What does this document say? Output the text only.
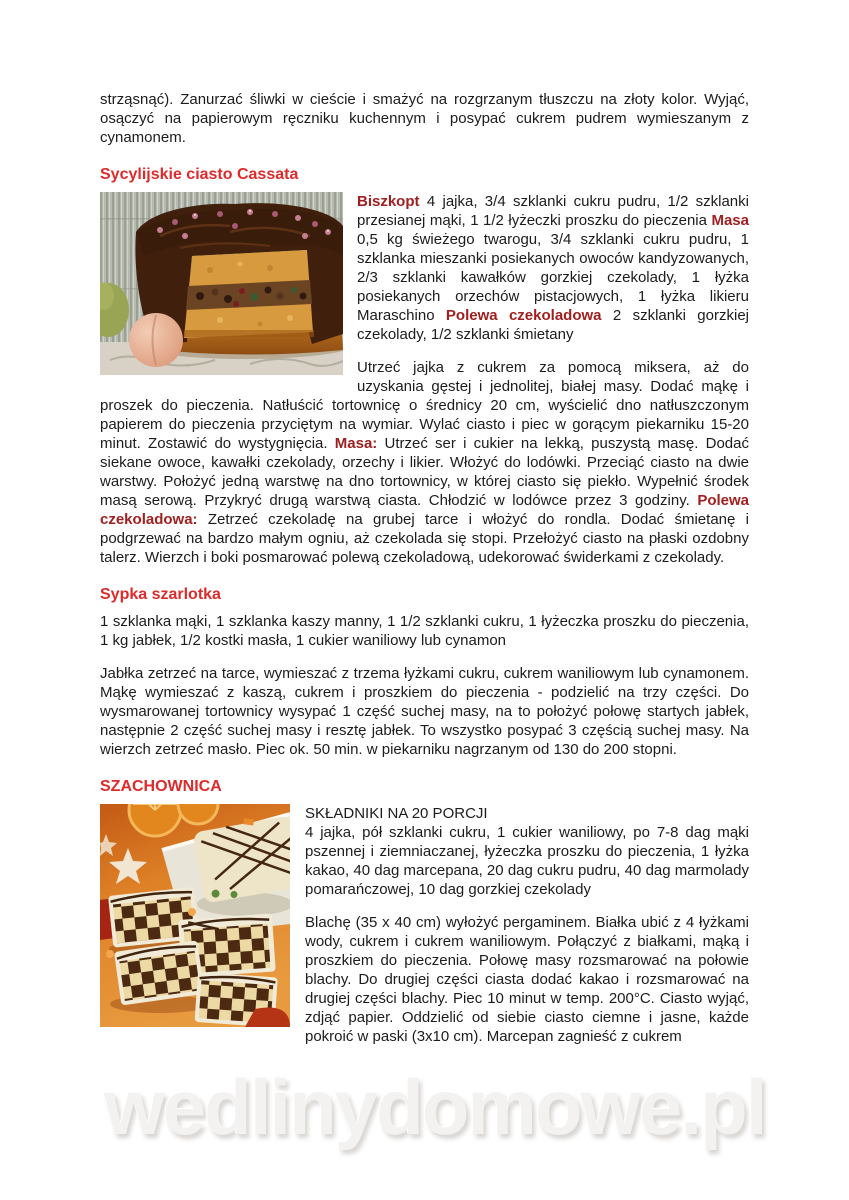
strząsnąć). Zanurzać śliwki w cieście i smażyć na rozgrzanym tłuszczu na złoty kolor. Wyjąć, osączyć na papierowym ręczniku kuchennym i posypać cukrem pudrem wymieszanym z cynamonem.

Sycylijskie ciasto Cassata

Biszkopt 4 jajka, 3/4 szklanki cukru pudru, 1/2 szklanki przesianej mąki, 1 1/2 łyżeczki proszku do pieczenia Masa 0,5 kg świeżego twarogu, 3/4 szklanki cukru pudru, 1 szklanka mieszanki posiekanych owoców kandyzowanych, 2/3 szklanki kawałków gorzkiej czekolady, 1 łyżka posiekanych orzechów pistacjowych, 1 łyżka likieru Maraschino Polewa czekoladowa 2 szklanki gorzkiej czekolady, 1/2 szklanki śmietany

Utrzeć jajka z cukrem za pomocą miksera, aż do uzyskania gęstej i jednolitej, białej masy. Dodać mąkę i proszek do pieczenia. Natłuścić tortownicę o średnicy 20 cm, wyścielić dno natłuszczonym papierem do pieczenia przyciętym na wymiar. Wylać ciasto i piec w gorącym piekarniku 15-20 minut. Zostawić do wystygnięcia. Masa: Utrzeć ser i cukier na lekką, puszystą masę. Dodać siekane owoce, kawałki czekolady, orzechy i likier. Włożyć do lodówki. Przeciąć ciasto na dwie warstwy. Położyć jedną warstwę na dno tortownicy, w której ciasto się piekło. Wypełnić środek masą serową. Przykryć drugą warstwą ciasta. Chłodzić w lodówce przez 3 godziny. Polewa czekoladowa: Zetrzeć czekoladę na grubej tarce i włożyć do rondla. Dodać śmietanę i podgrzewać na bardzo małym ogniu, aż czekolada się stopi. Przełożyć ciasto na płaski ozdobny talerz. Wierzch i boki posmarować polewą czekoladową, udekorować świderkami z czekolady.

Sypka szarlotka

1 szklanka mąki, 1 szklanka kaszy manny, 1 1/2 szklanki cukru, 1 łyżeczka proszku do pieczenia, 1 kg jabłek, 1/2 kostki masła, 1 cukier waniliowy lub cynamon

Jabłka zetrzeć na tarce, wymieszać z trzema łyżkami cukru, cukrem waniliowym lub cynamonem. Mąkę wymieszać z kaszą, cukrem i proszkiem do pieczenia - podzielić na trzy części. Do wysmarowanej tortownicy wysypać 1 część suchej masy, na to położyć połowę startych jabłek, następnie 2 część suchej masy i resztę jabłek. To wszystko posypać 3 częścią suchej masy. Na wierzch zetrzeć masło. Piec ok. 50 min. w piekarniku nagrzanym od 130 do 200 stopni.

SZACHOWNICA

SKŁADNIKI NA 20 PORCJI
4 jajka, pół szklanki cukru, 1 cukier waniliowy, po 7-8 dag mąki pszennej i ziemniaczanej, łyżeczka proszku do pieczenia, 1 łyżka kakao, 40 dag marcepana, 20 dag cukru pudru, 40 dag marmolady pomarańczowej, 10 dag gorzkiej czekolady

Blachę (35 x 40 cm) wyłożyć pergaminem. Białka ubić z 4 łyżkami wody, cukrem i cukrem waniliowym. Połączyć z białkami, mąką i proszkiem do pieczenia. Połowę masy rozsmarować na połowie blachy. Do drugiej części ciasta dodać kakao i rozsmarować na drugiej części blachy. Piec 10 minut w temp. 200°C. Ciasto wyjąć, zdjąć papier. Oddzielić od siebie ciasto ciemne i jasne, każde pokroić w paski (3x10 cm). Marcepan zagnieść z cukrem

wedlinydomowe.pl
